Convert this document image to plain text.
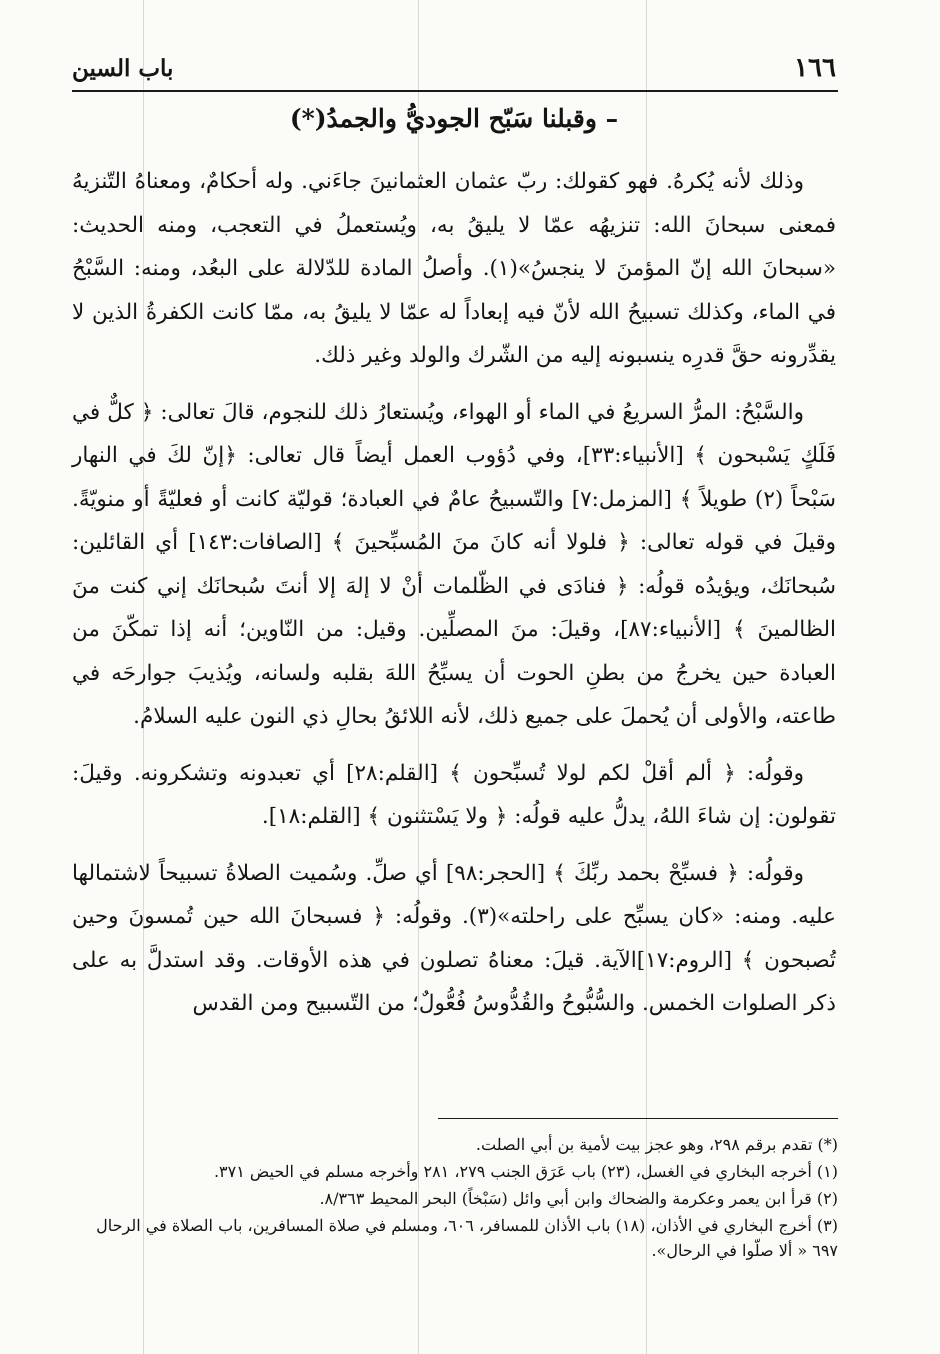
١٦٦
باب السين
– وقبلنا سَبّح الجوديُّ والجمدُ(*)

وذلك لأنه يُكرهُ. فهو كقولك: ربّ عثمان العثمانينَ جاءَني. وله أحكامٌ، ومعناهُ التّنزيهُ فمعنى سبحانَ الله: تنزيهُه عمّا لا يليقُ به، ويُستعملُ في التعجب، ومنه الحديث: «سبحانَ الله إنّ المؤمنَ لا ينجسُ»(١). وأصلُ المادة للدّلالة على البعُد، ومنه: السَّبْحُ في الماء، وكذلك تسبيحُ الله لأنّ فيه إبعاداً له عمّا لا يليقُ به، ممّا كانت الكفرةُ الذين لا يقدِّرونه حقَّ قدرِه ينسبونه إليه من الشّرك والولد وغير ذلك.

والسَّبْحُ: المرُّ السريعُ في الماء أو الهواء، ويُستعارُ ذلك للنجوم، قالَ تعالى: ﴿ كلٌّ في فَلَكٍ يَسْبحون ﴾ [الأنبياء:٣٣]، وفي دُؤوب العمل أيضاً قال تعالى: ﴿إنّ لكَ في النهار سَبْحاً (٢) طويلاً ﴾ [المزمل:٧] والتّسبيحُ عامٌ في العبادة؛ قوليّة كانت أو فعليّةً أو منويّةً. وقيلَ في قوله تعالى: ﴿ فلولا أنه كانَ منَ المُسبِّحينَ ﴾ [الصافات:١٤٣] أي القائلين: سُبحانَك، ويؤيدُه قولُه: ﴿ فنادَى في الظّلمات أنْ لا إلهَ إلا أنتَ سُبحانَك إني كنت منَ الظالمينَ ﴾ [الأنبياء:٨٧]، وقيلَ: منَ المصلِّين. وقيل: من النّاوين؛ أنه إذا تمكّنَ من العبادة حين يخرجُ من بطنِ الحوت أن يسبِّحُ اللهَ بقلبه ولسانه، ويُذيبَ جوارحَه في طاعته، والأولى أن يُحملَ على جميع ذلك، لأنه اللائقُ بحالِ ذي النون عليه السلامُ.

وقولُه: ﴿ ألم أقلْ لكم لولا تُسبِّحون ﴾ [القلم:٢٨] أي تعبدونه وتشكرونه. وقيلَ: تقولون: إن شاءَ اللهُ، يدلُّ عليه قولُه: ﴿ ولا يَسْتثنون ﴾ [القلم:١٨].

وقولُه: ﴿ فسبِّحْ بحمد ربِّكَ ﴾ [الحجر:٩٨] أي صلِّ. وسُميت الصلاةُ تسبيحاً لاشتمالها عليه. ومنه: «كان يسبِّح على راحلته»(٣). وقولُه: ﴿ فسبحانَ الله حين تُمسونَ وحين تُصبحون ﴾ [الروم:١٧]الآية. قيلَ: معناهُ تصلون في هذه الأوقات. وقد استدلَّ به على ذكر الصلوات الخمس. والسُّبُّوحُ والقُدُّوسُ فُعُّولٌ؛ من التّسبيح ومن القدس

(*) تقدم برقم ٢٩٨، وهو عجز بيت لأمية بن أبي الصلت.

(١) أخرجه البخاري في الغسل، (٢٣) باب عَرَق الجنب ٢٧٩، ٢٨١ وأخرجه مسلم في الحيض ٣٧١.

(٢) قرأ ابن يعمر وعكرمة والضحاك وابن أبي وائل (سَبْخاً) البحر المحيط ٨/٣٦٣.

(٣) أخرج البخاري في الأذان، (١٨) باب الأذان للمسافر، ٦٠٦، ومسلم في صلاة المسافرين، باب الصلاة في الرحال ٦٩٧ « ألا صلّوا في الرحال».
